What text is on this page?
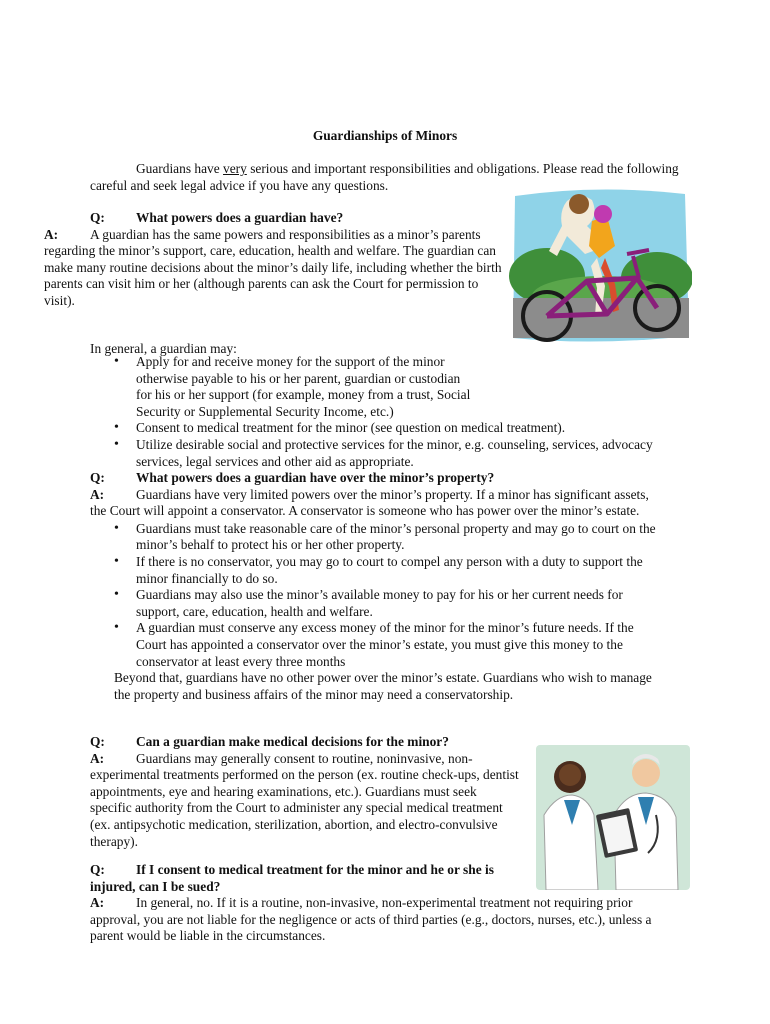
Guardianships of Minors
Guardians have very serious and important responsibilities and obligations. Please read the following careful and seek legal advice if you have any questions.
Q: What powers does a guardian have?
A: A guardian has the same powers and responsibilities as a minor’s parents regarding the minor’s support, care, education, health and welfare. The guardian can make many routine decisions about the minor’s daily life, including whether the birth parents can visit him or her (although parents can ask the Court for permission to visit).
In general, a guardian may:
• Apply for and receive money for the support of the minor otherwise payable to his or her parent, guardian or custodian for his or her support (for example, money from a trust, Social Security or Supplemental Security Income, etc.)
• Consent to medical treatment for the minor (see question on medical treatment).
• Utilize desirable social and protective services for the minor, e.g. counseling, services, advocacy services, legal services and other aid as appropriate.
Q: What powers does a guardian have over the minor’s property?
A: Guardians have very limited powers over the minor’s property. If a minor has significant assets, the Court will appoint a conservator. A conservator is someone who has power over the minor’s estate.
• Guardians must take reasonable care of the minor’s personal property and may go to court on the minor’s behalf to protect his or her other property.
• If there is no conservator, you may go to court to compel any person with a duty to support the minor financially to do so.
• Guardians may also use the minor’s available money to pay for his or her current needs for support, care, education, health and welfare.
• A guardian must conserve any excess money of the minor for the minor’s future needs. If the Court has appointed a conservator over the minor’s estate, you must give this money to the conservator at least every three months
Beyond that, guardians have no other power over the minor’s estate. Guardians who wish to manage the property and business affairs of the minor may need a conservatorship.
Q: Can a guardian make medical decisions for the minor?
A: Guardians may generally consent to routine, noninvasive, non-experimental treatments performed on the person (ex. routine check-ups, dentist appointments, eye and hearing examinations, etc.). Guardians must seek specific authority from the Court to administer any special medical treatment (ex. antipsychotic medication, sterilization, abortion, and electro-convulsive therapy).
Q: If I consent to medical treatment for the minor and he or she is injured, can I be sued?
A: In general, no. If it is a routine, non-invasive, non-experimental treatment not requiring prior approval, you are not liable for the negligence or acts of third parties (e.g., doctors, nurses, etc.), unless a parent would be liable in the circumstances.
